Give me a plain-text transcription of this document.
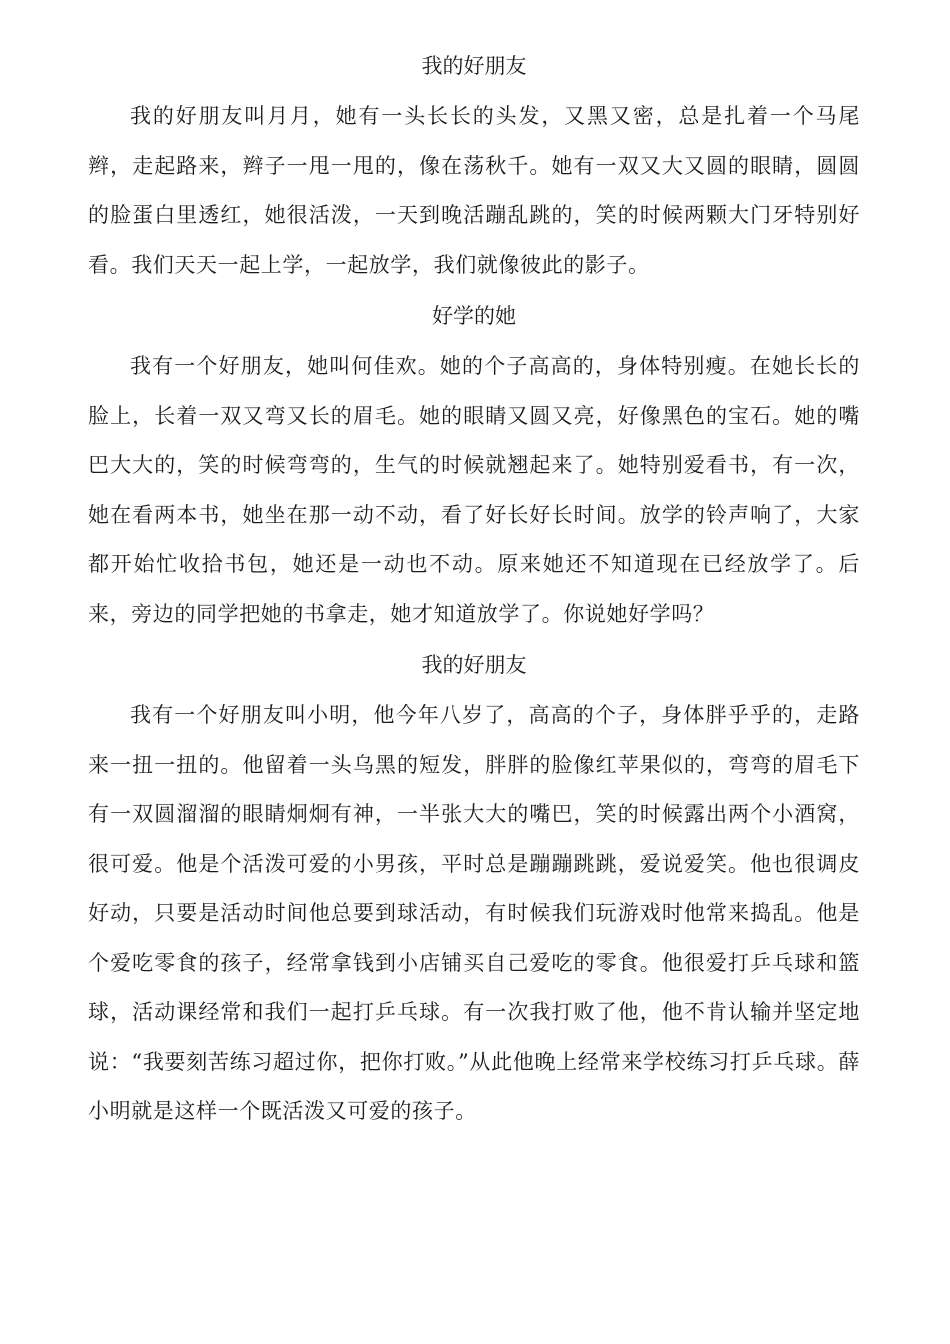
我的好朋友

我的好朋友叫月月，她有一头长长的头发，又黑又密，总是扎着一个马尾辫，走起路来，辫子一甩一甩的，像在荡秋千。她有一双又大又圆的眼睛，圆圆的脸蛋白里透红，她很活泼，一天到晚活蹦乱跳的，笑的时候两颗大门牙特别好看。我们天天一起上学，一起放学，我们就像彼此的影子。

好学的她

我有一个好朋友，她叫何佳欢。她的个子高高的，身体特别瘦。在她长长的脸上，长着一双又弯又长的眉毛。她的眼睛又圆又亮，好像黑色的宝石。她的嘴巴大大的，笑的时候弯弯的，生气的时候就翘起来了。她特别爱看书，有一次，她在看两本书，她坐在那一动不动，看了好长好长时间。放学的铃声响了，大家都开始忙收拾书包，她还是一动也不动。原来她还不知道现在已经放学了。后来，旁边的同学把她的书拿走，她才知道放学了。你说她好学吗？

我的好朋友

我有一个好朋友叫小明，他今年八岁了，高高的个子，身体胖乎乎的，走路来一扭一扭的。他留着一头乌黑的短发，胖胖的脸像红苹果似的，弯弯的眉毛下有一双圆溜溜的眼睛炯炯有神，一半张大大的嘴巴，笑的时候露出两个小酒窝，很可爱。他是个活泼可爱的小男孩，平时总是蹦蹦跳跳，爱说爱笑。他也很调皮好动，只要是活动时间他总要到球活动，有时候我们玩游戏时他常来捣乱。他是个爱吃零食的孩子，经常拿钱到小店铺买自己爱吃的零食。他很爱打乒乓球和篮球，活动课经常和我们一起打乒乓球。有一次我打败了他，他不肯认输并坚定地说：“我要刻苦练习超过你，把你打败。”从此他晚上经常来学校练习打乒乓球。薛小明就是这样一个既活泼又可爱的孩子。
